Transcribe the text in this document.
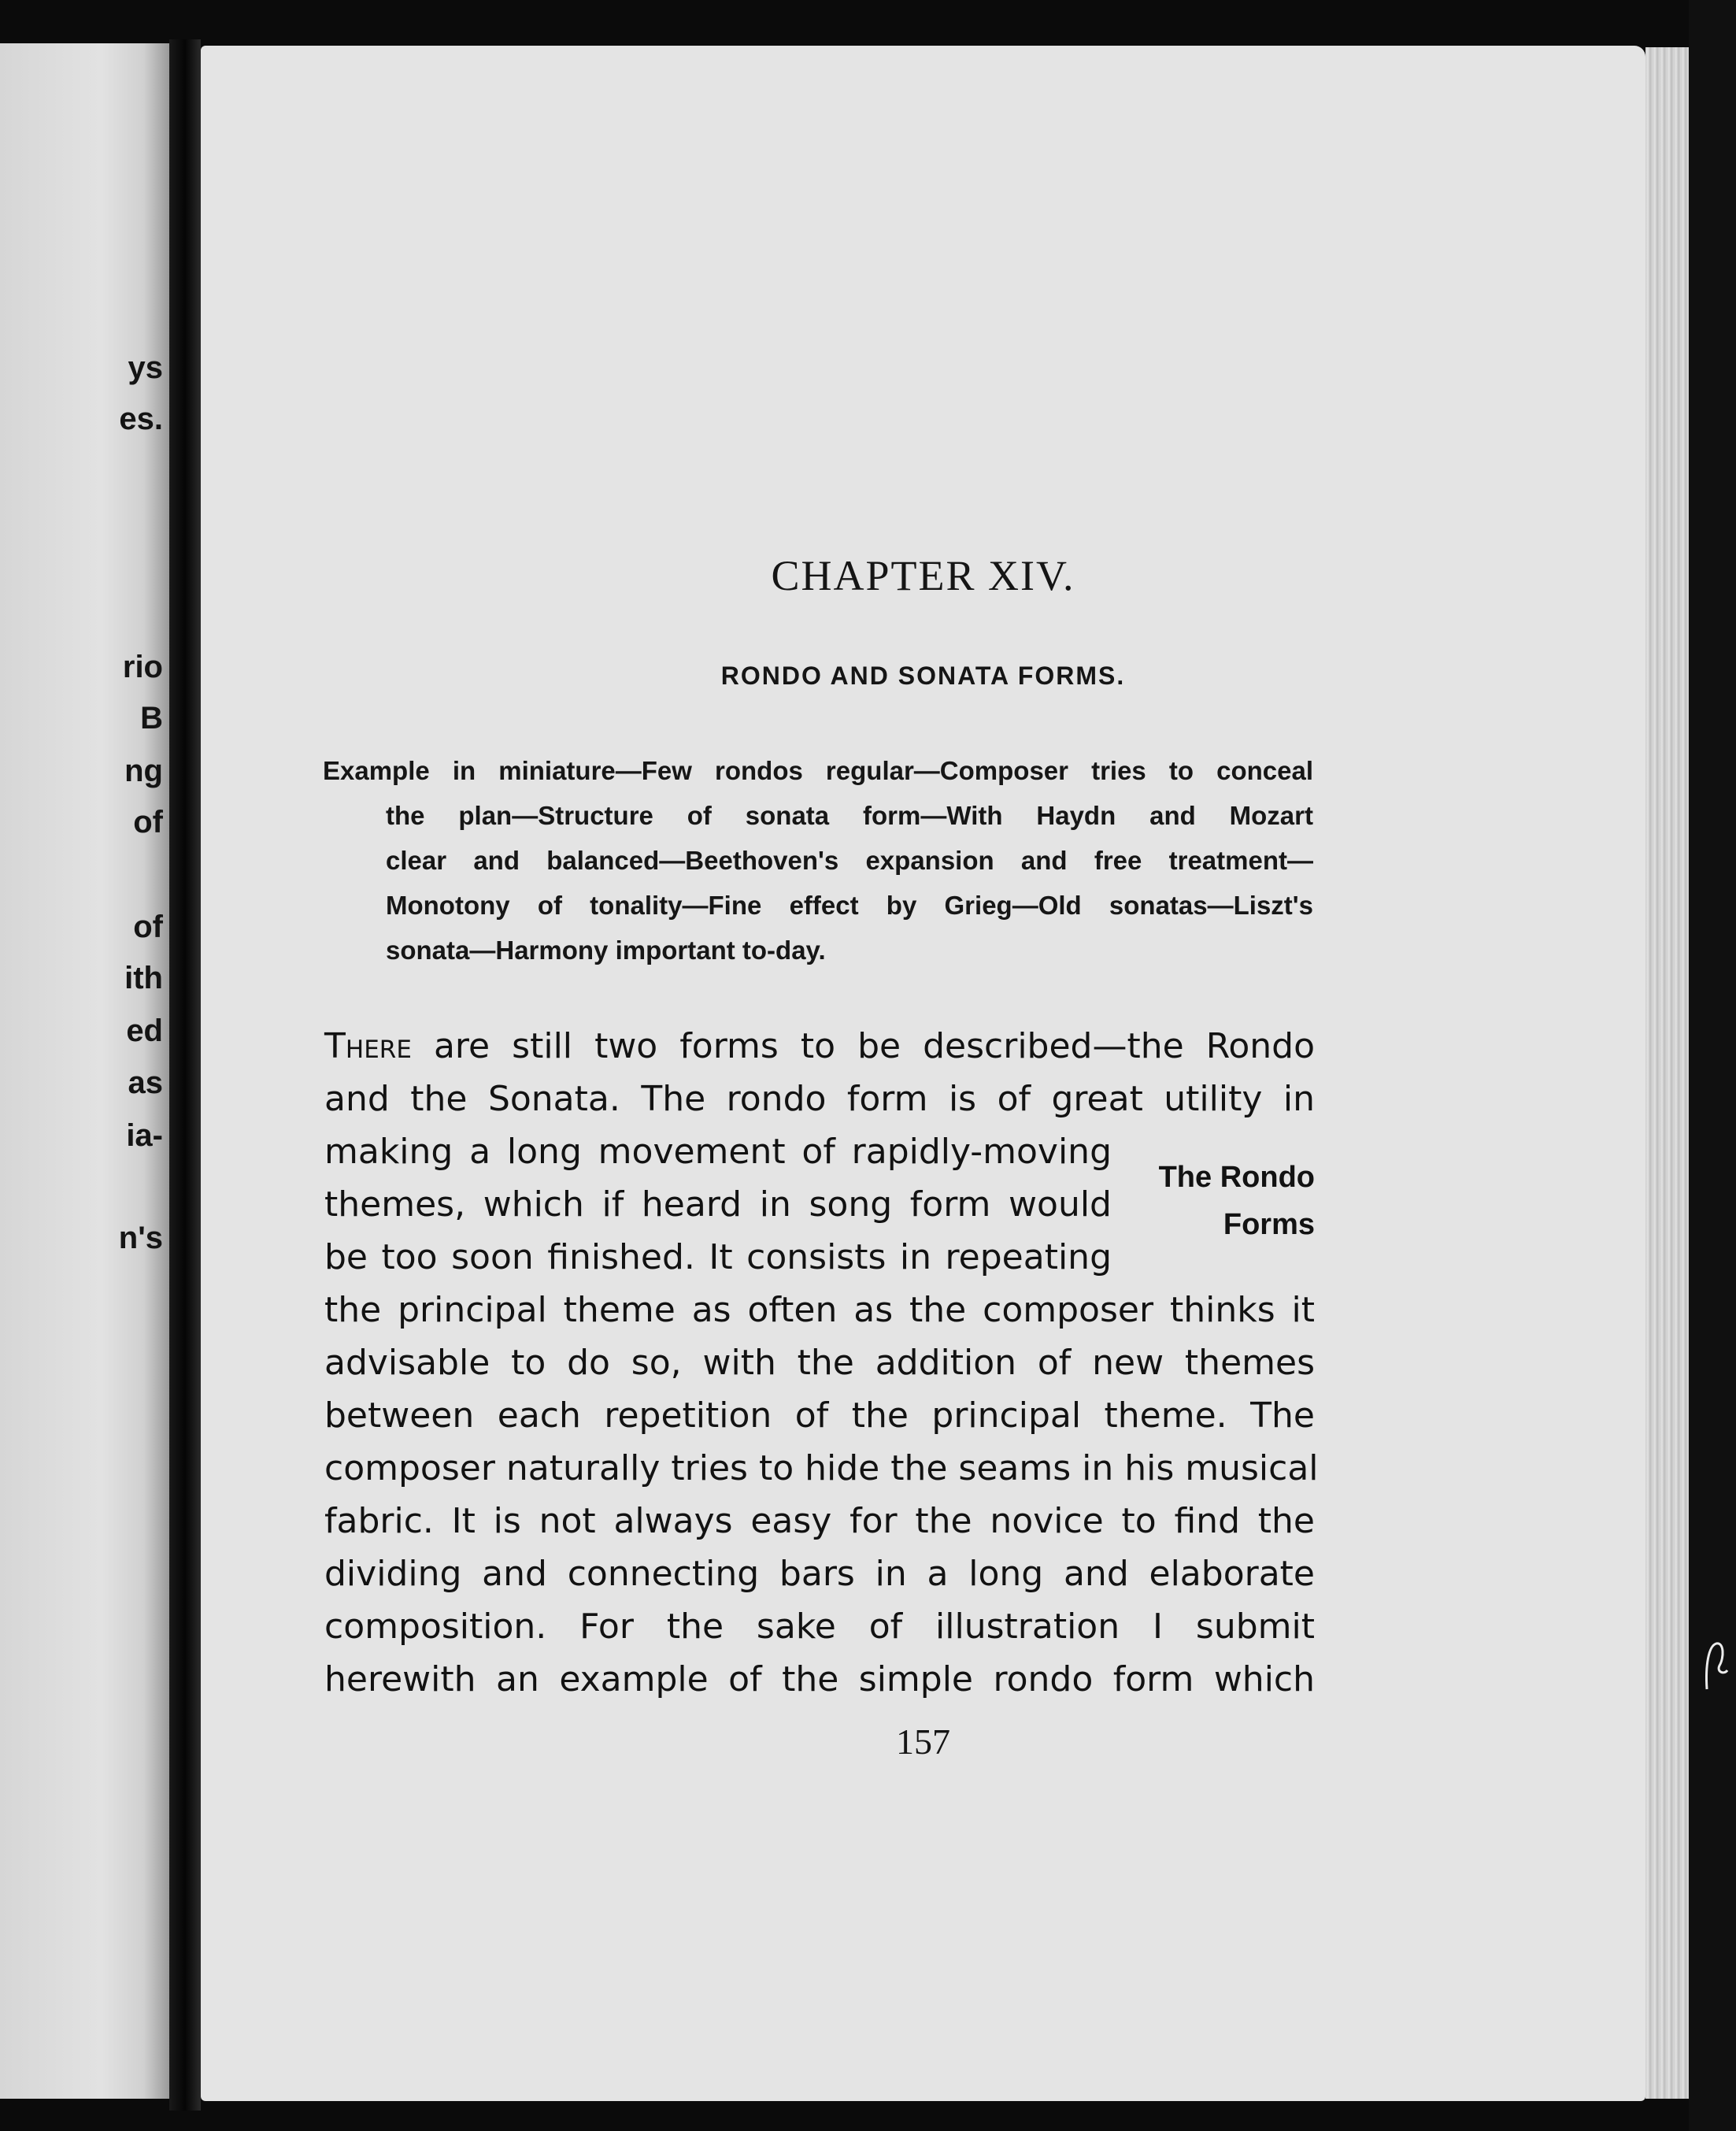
ys
es.
rio
B
ng
of
of
ith
ed
as
ia-
n's
CHAPTER XIV.
RONDO AND SONATA FORMS.
Example in miniature—Few rondos regular—Composer tries to conceal
the plan—Structure of sonata form—With Haydn and Mozart
clear and balanced—Beethoven's expansion and free treatment—
Monotony of tonality—Fine effect by Grieg—Old sonatas—Liszt's
sonata—Harmony important to-day.
There are still two forms to be described—the Rondo
and the Sonata. The rondo form is of great utility in
making a long movement of rapidly-moving
themes, which if heard in song form would
be too soon finished. It consists in repeating
the principal theme as often as the composer thinks it
advisable to do so, with the addition of new themes
between each repetition of the principal theme. The
composer naturally tries to hide the seams in his musical
fabric. It is not always easy for the novice to find the
dividing and connecting bars in a long and elaborate
composition. For the sake of illustration I submit
herewith an example of the simple rondo form which
The Rondo
Forms
157
